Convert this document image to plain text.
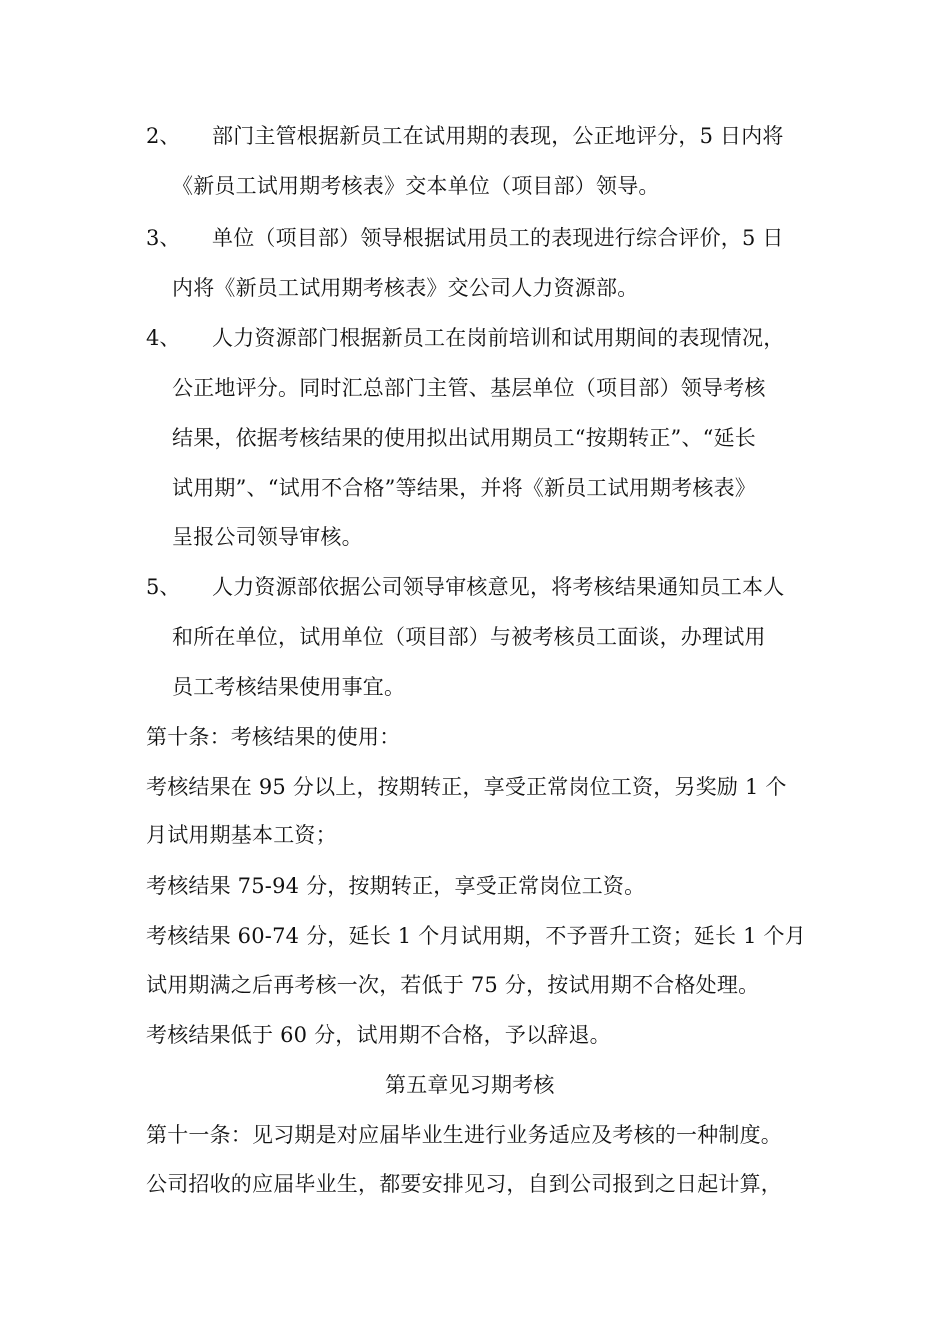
2、 部门主管根据新员工在试用期的表现，公正地评分，5 日内将
《新员工试用期考核表》交本单位（项目部）领导。
3、 单位（项目部）领导根据试用员工的表现进行综合评价，5 日
内将《新员工试用期考核表》交公司人力资源部。
4、 人力资源部门根据新员工在岗前培训和试用期间的表现情况，
公正地评分。同时汇总部门主管、基层单位（项目部）领导考核
结果，依据考核结果的使用拟出试用期员工“按期转正”、“延长
试用期”、“试用不合格”等结果，并将《新员工试用期考核表》
呈报公司领导审核。
5、 人力资源部依据公司领导审核意见，将考核结果通知员工本人
和所在单位，试用单位（项目部）与被考核员工面谈，办理试用
员工考核结果使用事宜。
第十条：考核结果的使用：
考核结果在 95 分以上，按期转正，享受正常岗位工资，另奖励 1 个
月试用期基本工资；
考核结果 75-94 分，按期转正，享受正常岗位工资。
考核结果 60-74 分，延长 1 个月试用期，不予晋升工资；延长 1 个月
试用期满之后再考核一次，若低于 75 分，按试用期不合格处理。
考核结果低于 60 分，试用期不合格，予以辞退。
第五章见习期考核
第十一条：见习期是对应届毕业生进行业务适应及考核的一种制度。
公司招收的应届毕业生，都要安排见习，自到公司报到之日起计算，
